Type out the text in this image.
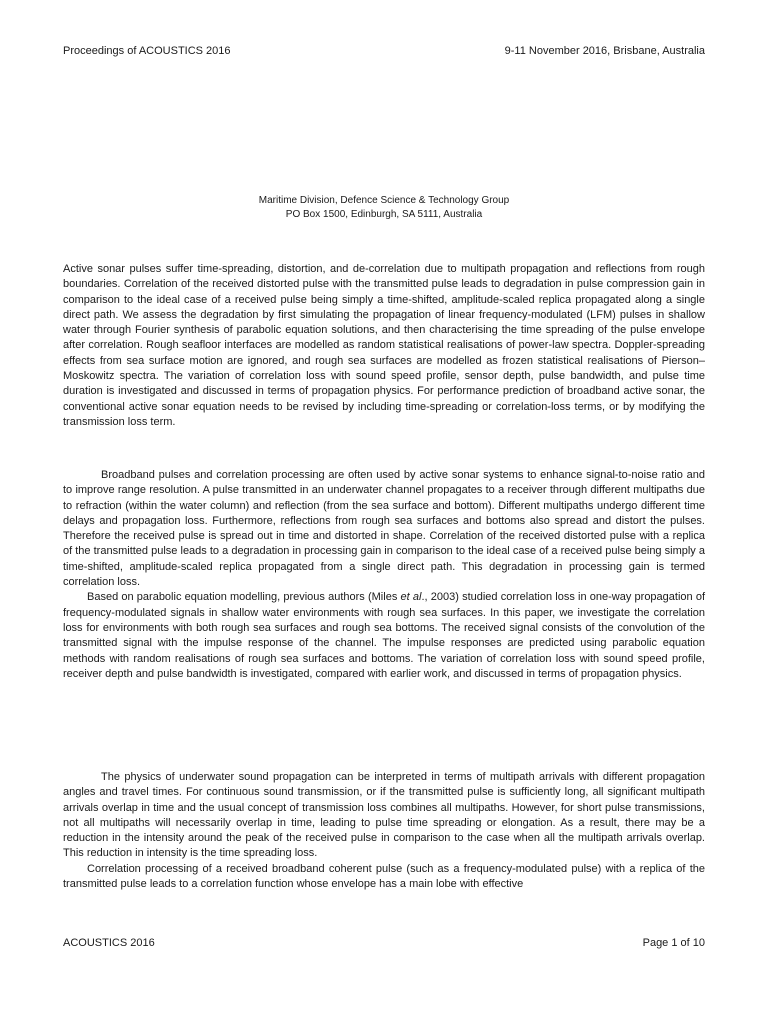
Proceedings of ACOUSTICS 2016	9-11 November 2016, Brisbane, Australia
Maritime Division, Defence Science & Technology Group
PO Box 1500, Edinburgh, SA 5111, Australia

Active sonar pulses suffer time-spreading, distortion, and de-correlation due to multipath propagation and reflections from rough boundaries. Correlation of the received distorted pulse with the transmitted pulse leads to degradation in pulse compression gain in comparison to the ideal case of a received pulse being simply a time-shifted, amplitude-scaled replica propagated along a single direct path. We assess the degradation by first simulating the propagation of linear frequency-modulated (LFM) pulses in shallow water through Fourier synthesis of parabolic equation solutions, and then characterising the time spreading of the pulse envelope after correlation. Rough seafloor interfaces are modelled as random statistical realisations of power-law spectra. Doppler-spreading effects from sea surface motion are ignored, and rough sea surfaces are modelled as frozen statistical realisations of Pierson–Moskowitz spectra. The variation of correlation loss with sound speed profile, sensor depth, pulse bandwidth, and pulse time duration is investigated and discussed in terms of propagation physics. For performance prediction of broadband active sonar, the conventional active sonar equation needs to be revised by including time-spreading or correlation-loss terms, or by modifying the transmission loss term.

Broadband pulses and correlation processing are often used by active sonar systems to enhance signal-to-noise ratio and to improve range resolution. A pulse transmitted in an underwater channel propagates to a receiver through different multipaths due to refraction (within the water column) and reflection (from the sea surface and bottom). Different multipaths undergo different time delays and propagation loss. Furthermore, reflections from rough sea surfaces and bottoms also spread and distort the pulses. Therefore the received pulse is spread out in time and distorted in shape. Correlation of the received distorted pulse with a replica of the transmitted pulse leads to a degradation in processing gain in comparison to the ideal case of a received pulse being simply a time-shifted, amplitude-scaled replica propagated from a single direct path. This degradation in processing gain is termed correlation loss.

Based on parabolic equation modelling, previous authors (Miles et al., 2003) studied correlation loss in one-way propagation of frequency-modulated signals in shallow water environments with rough sea surfaces. In this paper, we investigate the correlation loss for environments with both rough sea surfaces and rough sea bottoms. The received signal consists of the convolution of the transmitted signal with the impulse response of the channel. The impulse responses are predicted using parabolic equation methods with random realisations of rough sea surfaces and bottoms. The variation of correlation loss with sound speed profile, receiver depth and pulse bandwidth is investigated, compared with earlier work, and discussed in terms of propagation physics.

The physics of underwater sound propagation can be interpreted in terms of multipath arrivals with different propagation angles and travel times. For continuous sound transmission, or if the transmitted pulse is sufficiently long, all significant multipath arrivals overlap in time and the usual concept of transmission loss combines all multipaths. However, for short pulse transmissions, not all multipaths will necessarily overlap in time, leading to pulse time spreading or elongation. As a result, there may be a reduction in the intensity around the peak of the received pulse in comparison to the case when all the multipath arrivals overlap. This reduction in intensity is the time spreading loss.

Correlation processing of a received broadband coherent pulse (such as a frequency-modulated pulse) with a replica of the transmitted pulse leads to a correlation function whose envelope has a main lobe with effective

ACOUSTICS 2016	Page 1 of 10
